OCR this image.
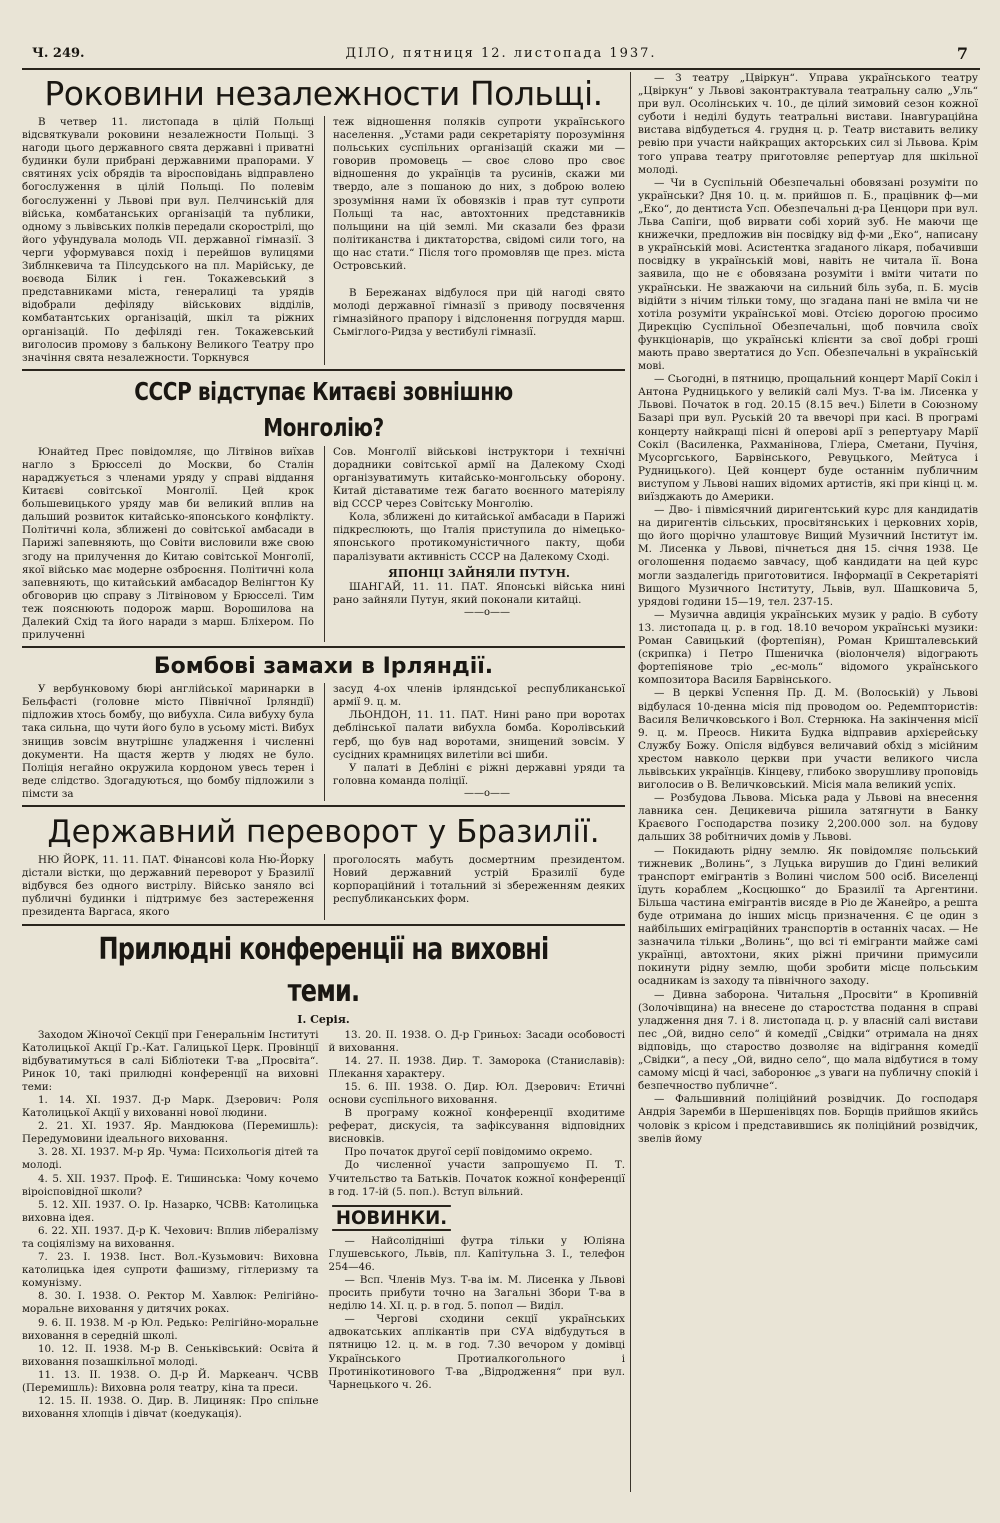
Ч. 249.	ДІЛО, пятниця 12. листопада 1937.	7
Роковини незалежности Польщі.

В четвер 11. листопада в цілій Польщі відсвяткували роковини незалежности Польщі. З нагоди цього державного свята державні і приватні будинки були прибрані державними прапорами. У святинях усіх обрядів та віросповідань відправлено богослуження в цілій Польщі. По полевім богослуженні у Львові при вул. Пелчинській для війська, комбатанських організацій та публики, одному з львівських полків передали скорострілі, що його уфундувала молодь VII. державної гімназії. З черги уформувався похід і перейшов вулицями Зиблнкевича та Пілсудського на пл. Марійську, де воєвода Білик і ген. Токажевський з представниками міста, генералиці та урядів відобрали дефіляду військових відділів, комбатантських організацій, шкіл та ріжних організацій. По дефіляді ген. Токажевський виголосив промову з бальконy Великого Театру про значіння свята незалежности. Торкнувся

теж відношення поляків супроти українського населення. „Устами ради секретаріяту порозуміння польських суспільних організацій скажи ми — говорив промовець — своє слово про своє відношення до українців та русинів, скажи ми твердо, але з пошаною до них, з доброю волею зрозуміння нами їх обовязків і прав тут супроти Польщі та нас, автохтонних представників польщини на цій землі. Ми сказали без фрази політиканства і диктаторства, свідомі сили того, на що нас стати.“ Після того промовляв ще през. міста Островський.

В Бережанах відбулося при цій нагоді свято молоді державної гімназії з приводу посвячення гімназійного прапору і відслонення погруддя марш. Сьміглого-Ридза у вестибулі гімназії.

СССР відступає Китаєві зовнішню Монголію?

Юнайтед Прес повідомляє, що Літвінов виїхав нагло з Брюсселі до Москви, бо Сталін нараджується з членами уряду у справі віддання Китаєві совітської Монголії. Цей крок большевицького уряду мав би великий вплив на дальший розвиток китайсько-японського конфлікту. Політичні кола, зближені до совітської амбасади в Парижі запевняють, що Совіти висловили вже свою згоду на прилучення до Китаю совітської Монголії, якої військо має модерне озброєння. Політичні кола запевняють, що китайський амбасадор Велінгтон Ку обговорив цю справу з Літвіновом у Брюсселі. Тим теж пояснюють подорож марш. Ворошилова на Далекий Схід та його наради з марш. Бліхером. По прилученні

Сов. Монголії військові інструктори і технічні дорадники совітської армії на Далекому Сході організуватимуть китайсько-монгольську оборону. Китай діставатиме теж багато воєнного матеріялу від СССР через Совітську Монголію.

Кола, зближені до китайської амбасади в Парижі підкреслюють, що Італія приступила до німецько-японського протикомуністичного пакту, щоби паралізувати активність СССР на Далекому Сході.

ЯПОНЦІ ЗАЙНЯЛИ ПУТУН.

ШАНГАЙ, 11. 11. ПАТ. Японські війська нині рано зайняли Путун, який поконали китайці.

——o——

Бомбові замахи в Ірляндії.

У вербунковому бюрі англійської маринарки в Бельфасті (головне місто Північної Ірляндії) підложив хтось бомбу, що вибухла. Сила вибуху була така сильна, що чути його було в усьому місті. Вибух знищив зовсім внутрішнє уладження і численні документи. На щастя жертв у людях не було. Поліція негайно окружила кордоном увесь терен і веде слідство. Здогадуються, що бомбу підложили з пімсти за

засуд 4-ох членів ірляндської республиканської армії 9. ц. м.

ЛЬОНДОН, 11. 11. ПАТ. Нині рано при воротах деблінської палати вибухла бомба. Королівський герб, що був над воротами, знищений зовсім. У сусідних крамницях вилетіли всі шиби.

У палаті в Дебліні є ріжні державні уряди та головна команда поліції.

——o——

Державний переворот у Бразилії.

НЮ ЙОРК, 11. 11. ПАТ. Фінансові кола Ню-Йорку дістали вістки, що державний переворот у Бразилії відбувся без одного вистрілу. Військо заняло всі публичні будинки і підтримує без застереження президента Варгаса, якого

проголосять мабуть досмертним президентом. Новий державний устрій Бразилії буде корпораційний і тотальний зі збереженням деяких республиканських форм.

Прилюдні конференції на виховні теми.
I. Серія.

Заходом Жіночої Секції при Генеральнім Інституті Католицької Акції Гр.-Кат. Галицької Церк. Провінції відбуватимуться в салі Бібліотеки Т-ва „Просвіта“. Ринок 10, такі прилюдні конференції на виховні теми:

1. 14. XI. 1937. Д-р Марк. Дзерович: Роля Католицької Акції у вихованні нової людини.

2. 21. XI. 1937. Яр. Мандюкова (Перемишль): Передумовини ідеального виховання.

3. 28. XI. 1937. М-р Яр. Чума: Психольогія дітей та молоді.

4. 5. XII. 1937. Проф. Е. Тишинська: Чому кочемо віроісповідної школи?

5. 12. XII. 1937. О. Ір. Назарко, ЧСВВ: Католицька виховна ідея.

6. 22. XII. 1937. Д-р К. Чехович: Вплив лібералізму та соціялізму на виховання.

7. 23. I. 1938. Інст. Вол.-Кузьмович: Виховна католицька ідея супроти фашизму, гітлеризму та комунізму.

8. 30. I. 1938. О. Ректор М. Хавлюк: Релігійно-моральне виховання у дитячих роках.

9. 6. II. 1938. М -р Юл. Редько: Релігійно-моральне виховання в середній школі.

10. 12. II. 1938. М-р В. Сеньківський: Освіта й виховання позашкільної молоді.

11. 13. II. 1938. О. Д-р Й. Маркеанч. ЧСВВ (Перемишль): Виховна роля театру, кіна та преси.

12. 15. II. 1938. О. Дир. В. Лициняк: Про спільне виховання хлопців і дівчат (коедукація).

13. 20. II. 1938. О. Д-р Гриньох: Засади особовості й виховання.

14. 27. II. 1938. Дир. Т. Заморока (Станиславів): Плекання характеру.

15. 6. III. 1938. О. Дир. Юл. Дзерович: Етичні основи суспільного виховання.

В програму кожної конференції входитиме реферат, дискусія, та зафіксування відповідних висновків.

Про початок другої серії повідомимо окремо.

До численної участи запрошуємо П. Т. Учительство та Батьків. Початок кожної конференції в год. 17-ій (5. поп.). Вступ вільний.

НОВИНКИ.

— Найсолідніші футра тільки у Юліяна Глушевського, Львів, пл. Капітульна 3. I., телефон 254—46.

— Всп. Членів Муз. Т-ва ім. М. Лисенка у Львові просить прибути точно на Загальні Збори Т-ва в неділю 14. XI. ц. р. в год. 5. попол — Виділ.

— Чергові сходини секції українських адвокатських аплікантів при СУА відбудуться в пятницю 12. ц. м. в год. 7.30 вечором у домівці Українського Протиалкогольного і Протинікотинового Т-ва „Відродження“ при вул. Чарнецького ч. 26.

— З театру „Цвіркун“. Управа українського театру „Цвіркун“ у Львові законтрактувала театральну салю „Уль“ при вул. Осолінських ч. 10., де цілий зимовий сезон кожної суботи і неділі будуть театральні вистави. Інавгураційна вистава відбудеться 4. грудня ц. р. Театр виставить велику ревію при участи найкращих акторських сил зі Львова. Крім того управа театру приготовляє репертуар для шкільної молоді.

— Чи в Суспільній Обезпечальні обовязані розуміти по українськи? Дня 10. ц. м. прийшов п. Б., працівник ф—ми „Еко“, до дентиста Усп. Обезпечальні д-ра Ценцори при вул. Льва Сапіги, щоб вирвати собі хорий зуб. Не маючи ще книжечки, предложив він посвідку від ф-ми „Еко“, написану в українській мові. Асистентка згаданого лікаря, побачивши посвідку в українській мові, навіть не читала її. Вона заявила, що не є обовязана розуміти і вміти читати по українськи. Не зважаючи на сильний біль зуба, п. Б. мусів відійти з нічим тільки тому, що згадана пані не вміла чи не хотіла розуміти української мові. Отсією дорогою просимо Дирекцію Суспільної Обезпечальні, щоб повчила своїх функціонарів, що українські клієнти за свої добрі гроші мають право звертатися до Усп. Обезпечальні в українській мові.

— Сьогодні, в пятницю, прощальний концерт Марії Сокіл і Антона Рудницького у великій салі Муз. Т-ва ім. Лисенка у Львові. Початок в год. 20.15 (8.15 веч.) Білети в Союзному Базарі при вул. Руській 20 та ввечорі при касі. В програмі концерту найкращі пісні й оперові арії з репертуару Марії Сокіл (Василенка, Рахманінова, Гліера, Сметани, Пучіня, Мусоргського, Барвінського, Ревуцького, Мейтуса і Рудницького). Цей концерт буде останнім публичним виступом у Львові наших відомих артистів, які при кінці ц. м. виїзджають до Америки.

— Дво- і півмісячний диригентський курс для кандидатів на диригентів сільських, просвітянських і церковних хорів, що його щорічно улаштовує Вищий Музичний Інститут ім. М. Лисенка у Львові, пічнеться дня 15. січня 1938. Це оголошення подаємо завчасу, щоб кандидати на цей курс могли заздалегідь приготовитися. Інформації в Секретаріяті Вищого Музичного Інституту, Львів, вул. Шашковича 5, урядові години 15—19, тел. 237-15.

— Музична авдиція українських музик у радіо. В суботу 13. листопада ц. р. в год. 18.10 вечором українські музики: Роман Савицький (фортепіян), Роман Кришталевський (скрипка) і Петро Пшеничка (віолончеля) відограють фортепіянове тріо „ес-моль“ відомого українського композитора Василя Барвінського.

— В церкві Успення Пр. Д. М. (Волоській) у Львові відбулася 10-денна місія під проводом оо. Редемптористів: Василя Величковського і Вол. Стернюка. На закінчення місії 9. ц. м. Преосв. Никита Будка відправив архієрейську Службу Божу. Опісля відбувся величавий обхід з місійним хрестом навколо церкви при участи великого числа львівських українців. Кінцеву, глибоко зворушливу проповідь виголосив о В. Величковський. Місія мала великий успіх.

— Розбудова Львова. Міська рада у Львові на внесення лавника сен. Децикевича рішила затягнути в Банку Краєвого Господарства позику 2,200.000 зол. на будову дальших 38 робітничих домів у Львові.

— Покидають рідну землю. Як повідомляє польський тижневик „Волинь“, з Луцька вирушив до Гдині великий транспорт емігрантів з Волині числом 500 осіб. Виселенці їдуть кораблем „Косцюшко“ до Бразилії та Аргентини. Більша частина емігрантів висяде в Ріо де Жанейро, а решта буде отримана до інших місць призначення. Є це один з найбільших еміграційних транспортів в останніх часах. — Не зазначила тільки „Волинь“, що всі ті емігранти майже самі українці, автохтони, яких ріжні причини примусили покинути рідну землю, щоби зробити місце польським осадникам із заходу та північного заходу.

— Дивна заборона. Читальня „Просвіти“ в Кропивній (Золочівщина) на внесене до старостства подання в справі уладження дня 7. і 8. листопада ц. р. у власній салі вистави пес „Ой, видно село“ й комедії „Свідки“ отримала на днях відповідь, що староство дозволяє на відіграння комедії „Свідки“, а песу „Ой, видно село“, що мала відбутися в тому самому місці й часі, заборонює „з уваги на публичну спокій і безпечноство публичне“.

— Фальшивний поліційний розвідчик. До господаря Андрія Заремби в Шершенівцях пов. Борщів прийшов якийсь чоловік з крісом і представившись як поліційний розвідчик, звелів йому
